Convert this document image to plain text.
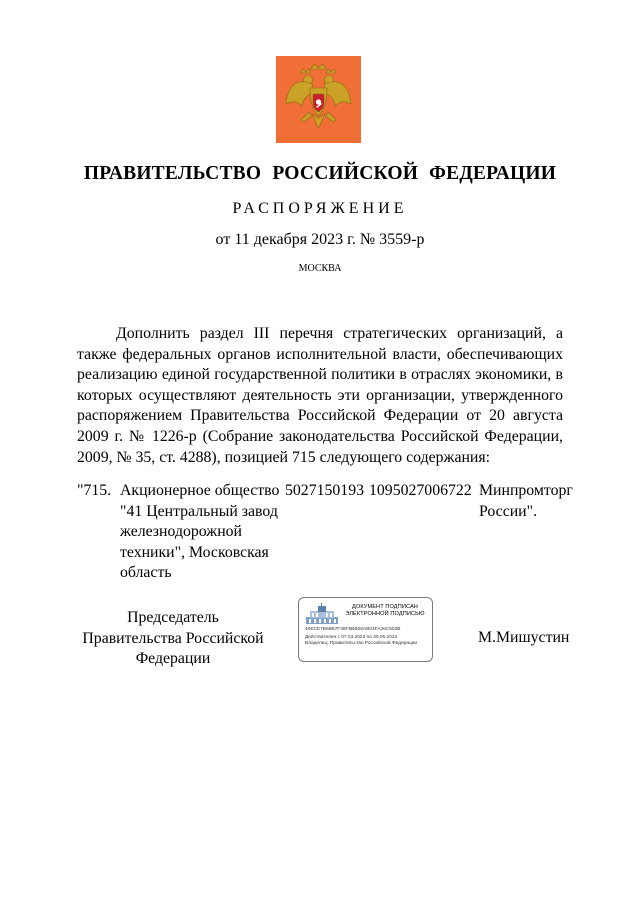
ПРАВИТЕЛЬСТВО РОССИЙСКОЙ ФЕДЕРАЦИИ
РАСПОРЯЖЕНИЕ
от 11 декабря 2023 г. № 3559-р
МОСКВА
Дополнить раздел III перечня стратегических организаций, а также федеральных органов исполнительной власти, обеспечивающих реализацию единой государственной политики в отраслях экономики, в которых осуществляют деятельность эти организации, утвержденного распоряжением Правительства Российской Федерации от 20 августа 2009 г. № 1226-р (Собрание законодательства Российской Федерации, 2009, № 35, ст. 4288), позицией 715 следующего содержания:
"715. Акционерное общество "41 Центральный завод железнодорожной техники", Московская область
5027150193 1095027006722 Минпромторг России".
Председатель Правительства Российской Федерации
ДОКУМЕНТ ПОДПИСАН ЭЛЕКТРОННОЙ ПОДПИСЬЮ
40ECE7B69B7F36F5BB06AB03FA26C503B
Действителен с 07.03.2023 по 30.05.2024
Владелец: Правительство Российской Федерации	М.Мишустин
